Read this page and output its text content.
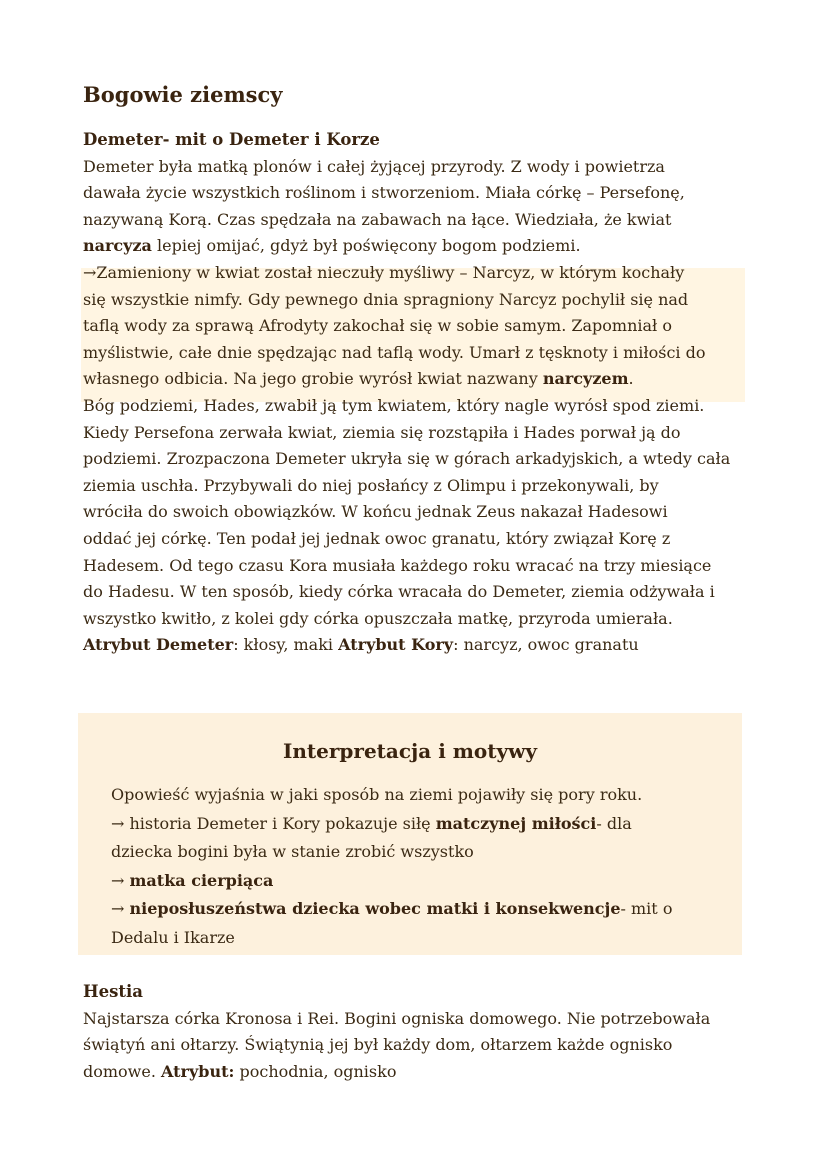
Bogowie ziemscy
Demeter- mit o Demeter i Korze
Demeter była matką plonów i całej żyjącej przyrody. Z wody i powietrza
dawała życie wszystkich roślinom i stworzeniom. Miała córkę – Persefonę,
nazywaną Korą. Czas spędzała na zabawach na łące. Wiedziała, że kwiat
narcyza lepiej omijać, gdyż był poświęcony bogom podziemi.
→Zamieniony w kwiat został nieczuły myśliwy – Narcyz, w którym kochały
się wszystkie nimfy. Gdy pewnego dnia spragniony Narcyz pochylił się nad
taflą wody za sprawą Afrodyty zakochał się w sobie samym. Zapomniał o
myślistwie, całe dnie spędzając nad taflą wody. Umarł z tęsknoty i miłości do
własnego odbicia. Na jego grobie wyrósł kwiat nazwany narcyzem.
Bóg podziemi, Hades, zwabił ją tym kwiatem, który nagle wyrósł spod ziemi.
Kiedy Persefona zerwała kwiat, ziemia się rozstąpiła i Hades porwał ją do
podziemi. Zrozpaczona Demeter ukryła się w górach arkadyjskich, a wtedy cała
ziemia uschła. Przybywali do niej posłańcy z Olimpu i przekonywali, by
wróciła do swoich obowiązków. W końcu jednak Zeus nakazał Hadesowi
oddać jej córkę. Ten podał jej jednak owoc granatu, który związał Korę z
Hadesem. Od tego czasu Kora musiała każdego roku wracać na trzy miesiące
do Hadesu. W ten sposób, kiedy córka wracała do Demeter, ziemia odżywała i
wszystko kwitło, z kolei gdy córka opuszczała matkę, przyroda umierała.
Atrybut Demeter: kłosy, maki Atrybut Kory: narcyz, owoc granatu
Interpretacja i motywy
Opowieść wyjaśnia w jaki sposób na ziemi pojawiły się pory roku.
→ historia Demeter i Kory pokazuje siłę matczynej miłości- dla
dziecka bogini była w stanie zrobić wszystko
→ matka cierpiąca
→ nieposłuszeństwa dziecka wobec matki i konsekwencje- mit o
Dedalu i Ikarze
Hestia
Najstarsza córka Kronosa i Rei. Bogini ogniska domowego. Nie potrzebowała
świątyń ani ołtarzy. Świątynią jej był każdy dom, ołtarzem każde ognisko
domowe. Atrybut: pochodnia, ognisko
